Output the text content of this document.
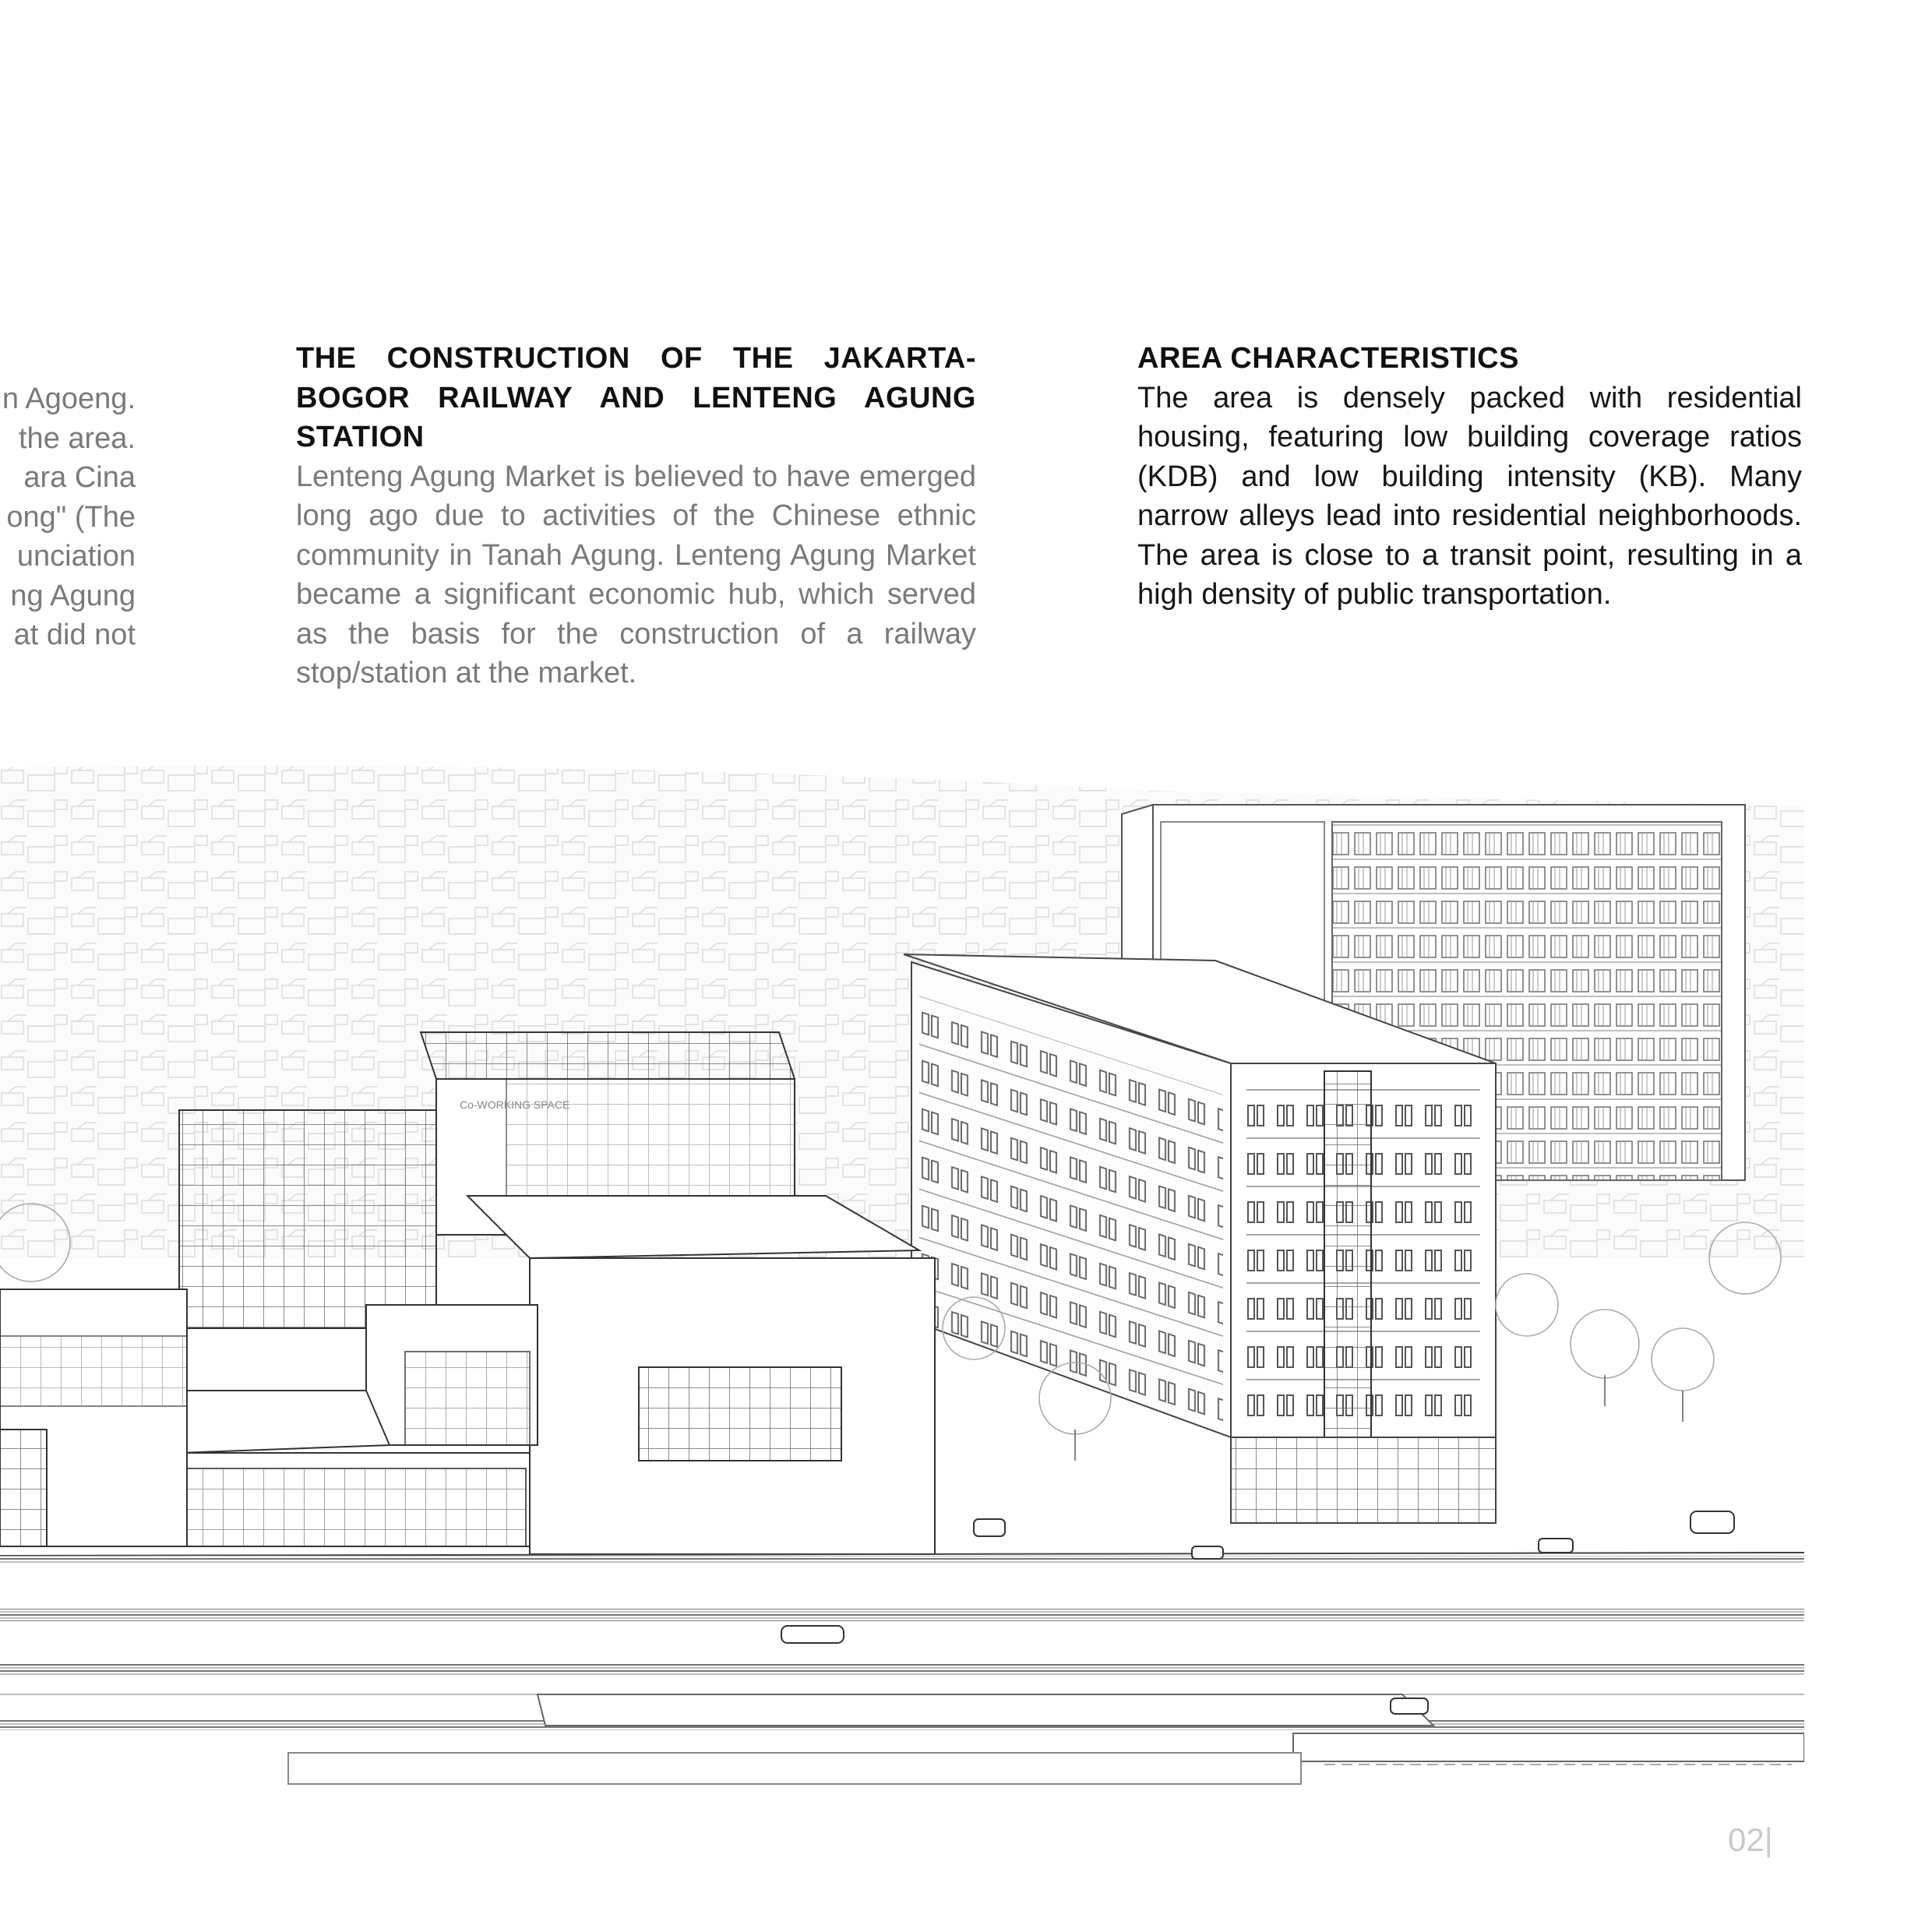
n Agoeng.
the area.
ara Cina
ong" (The
unciation
ng Agung
at did not
THE CONSTRUCTION OF THE JAKARTA-BOGOR RAILWAY AND LENTENG AGUNG STATION

Lenteng Agung Market is believed to have emerged long ago due to activities of the Chinese ethnic community in Tanah Agung. Lenteng Agung Market became a significant economic hub, which served as the basis for the construction of a railway stop/station at the market.

AREA CHARACTERISTICS

The area is densely packed with residential housing, featuring low building coverage ratios (KDB) and low building intensity (KB). Many narrow alleys lead into residential neighborhoods. The area is close to a transit point, resulting in a high density of public transportation.

Co-WORKING SPACE
02|
